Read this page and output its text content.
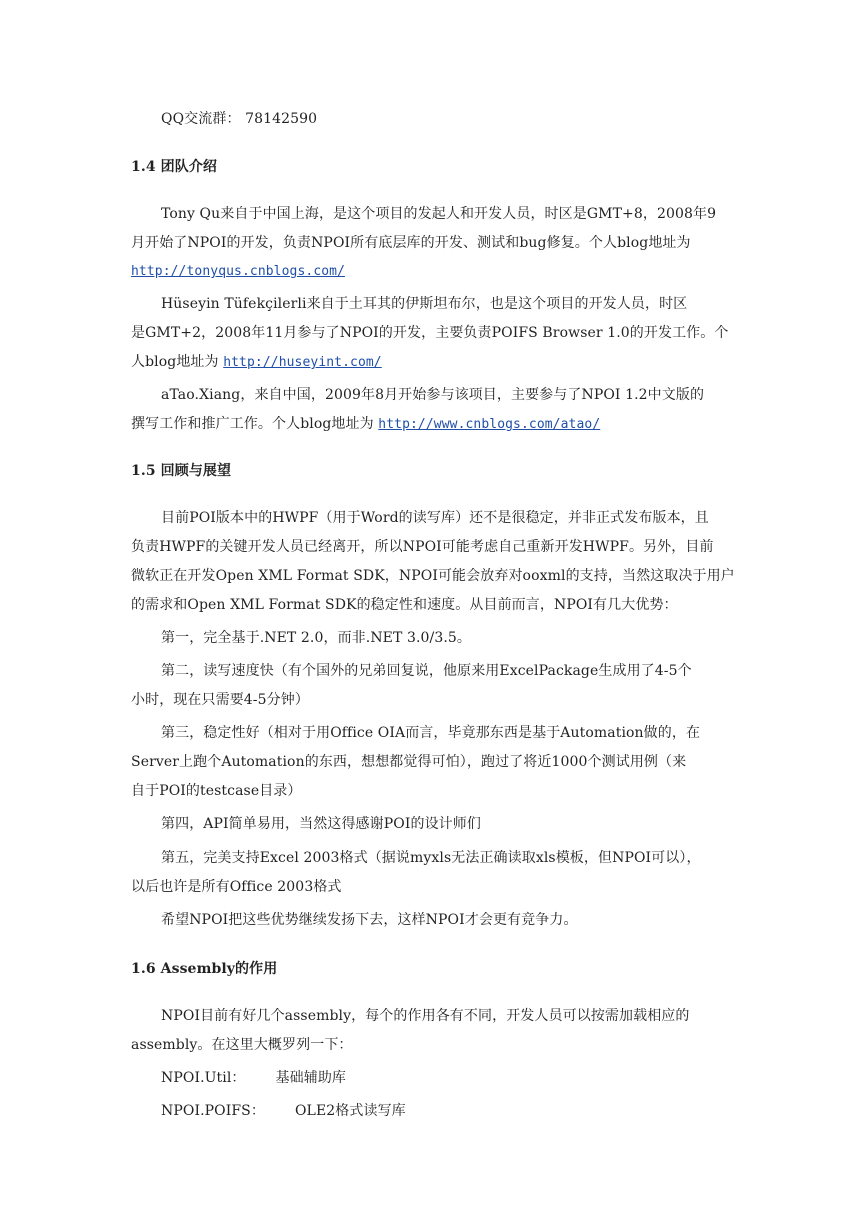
QQ交流群： 78142590
1.4 团队介绍
Tony Qu来自于中国上海，是这个项目的发起人和开发人员，时区是GMT+8，2008年9
月开始了NPOI的开发，负责NPOI所有底层库的开发、测试和bug修复。个人blog地址为
http://tonyqus.cnblogs.com/
Hüseyin Tüfekçilerli来自于土耳其的伊斯坦布尔，也是这个项目的开发人员，时区
是GMT+2，2008年11月参与了NPOI的开发，主要负责POIFS Browser 1.0的开发工作。个
人blog地址为 http://huseyint.com/
aTao.Xiang，来自中国，2009年8月开始参与该项目，主要参与了NPOI 1.2中文版的
撰写工作和推广工作。个人blog地址为 http://www.cnblogs.com/atao/
1.5 回顾与展望
目前POI版本中的HWPF（用于Word的读写库）还不是很稳定，并非正式发布版本，且
负责HWPF的关键开发人员已经离开，所以NPOI可能考虑自己重新开发HWPF。另外，目前
微软正在开发Open XML Format SDK，NPOI可能会放弃对ooxml的支持，当然这取决于用户
的需求和Open XML Format SDK的稳定性和速度。从目前而言，NPOI有几大优势：
第一，完全基于.NET 2.0，而非.NET 3.0/3.5。
第二，读写速度快（有个国外的兄弟回复说，他原来用ExcelPackage生成用了4-5个
小时，现在只需要4-5分钟）
第三，稳定性好（相对于用Office OIA而言，毕竟那东西是基于Automation做的，在
Server上跑个Automation的东西，想想都觉得可怕），跑过了将近1000个测试用例（来
自于POI的testcase目录）
第四，API简单易用，当然这得感谢POI的设计师们
第五，完美支持Excel 2003格式（据说myxls无法正确读取xls模板，但NPOI可以），
以后也许是所有Office 2003格式
希望NPOI把这些优势继续发扬下去，这样NPOI才会更有竞争力。
1.6 Assembly的作用
NPOI目前有好几个assembly，每个的作用各有不同，开发人员可以按需加载相应的
assembly。在这里大概罗列一下：
NPOI.Util： 基础辅助库
NPOI.POIFS： OLE2格式读写库
